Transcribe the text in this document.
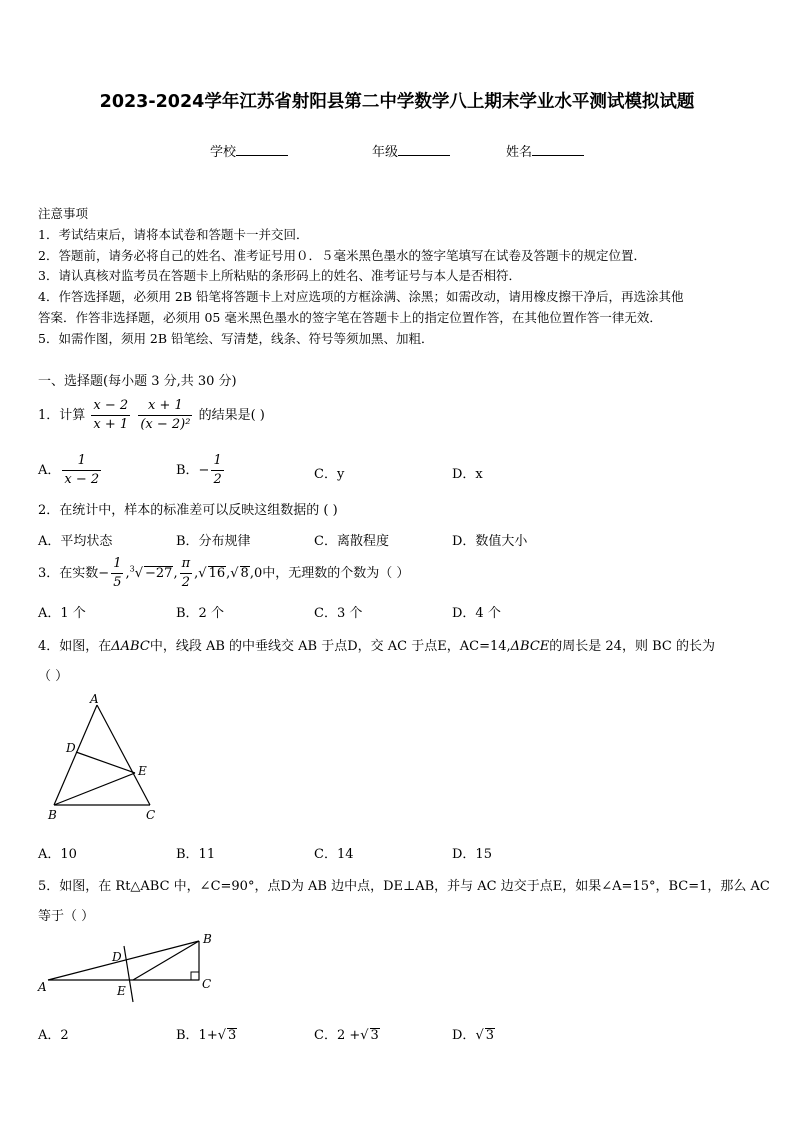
2023-2024学年江苏省射阳县第二中学数学八上期末学业水平测试模拟试题
学校	年级	姓名
注意事项
1．考试结束后，请将本试卷和答题卡一并交回．
2．答题前，请务必将自己的姓名、准考证号用０．５毫米黑色墨水的签字笔填写在试卷及答题卡的规定位置．
3．请认真核对监考员在答题卡上所粘贴的条形码上的姓名、准考证号与本人是否相符．
4．作答选择题，必须用 2B 铅笔将答题卡上对应选项的方框涂满、涂黑；如需改动，请用橡皮擦干净后，再选涂其他
答案．作答非选择题，必须用 05 毫米黑色墨水的签字笔在答题卡上的指定位置作答，在其他位置作答一律无效．
5．如需作图，须用 2B 铅笔绘、写清楚，线条、符号等须加黑、加粗．
一、选择题(每小题 3 分,共 30 分)
1．计算 $\frac{x - 2}{x + 1}$
$\frac{x + 1}{\text{(x − 2)²}}$ 的结果是( )
A． $\frac{1}{x - 2}$	B．− $\frac{1}{2}$	C．y	D．x
2．在统计中，样本的标准差可以反映这组数据的 ( )
A．平均状态	B．分布规律	C．离散程度	D．数值大小
3．在实数− $\frac{1}{5} ,^3√ -27$, $\frac{\pi}{2}$ ,√ 16,√ 8,0中，无理数的个数为（ ）
A．1 个	B．2 个	C．3 个	D．4 个
4．如图，在ΔABC中，线段 AB 的中垂线交 AB 于点D，交 AC 于点E，AC=14,ΔBCE的周长是 24，则 BC 的长为
（ ）
A
D
E
B	C
A．10	B．11	C．14	D．15
5．如图，在 Rt△ABC 中，∠C=90°，点D为 AB 边中点，DE⊥AB，并与 AC 边交于点E，如果∠A=15°，BC=1，那么 AC
等于（ ）
B
D
A	E	C
A．2	B．1+√ 3	C．2 +√ 3	D．√ 3
